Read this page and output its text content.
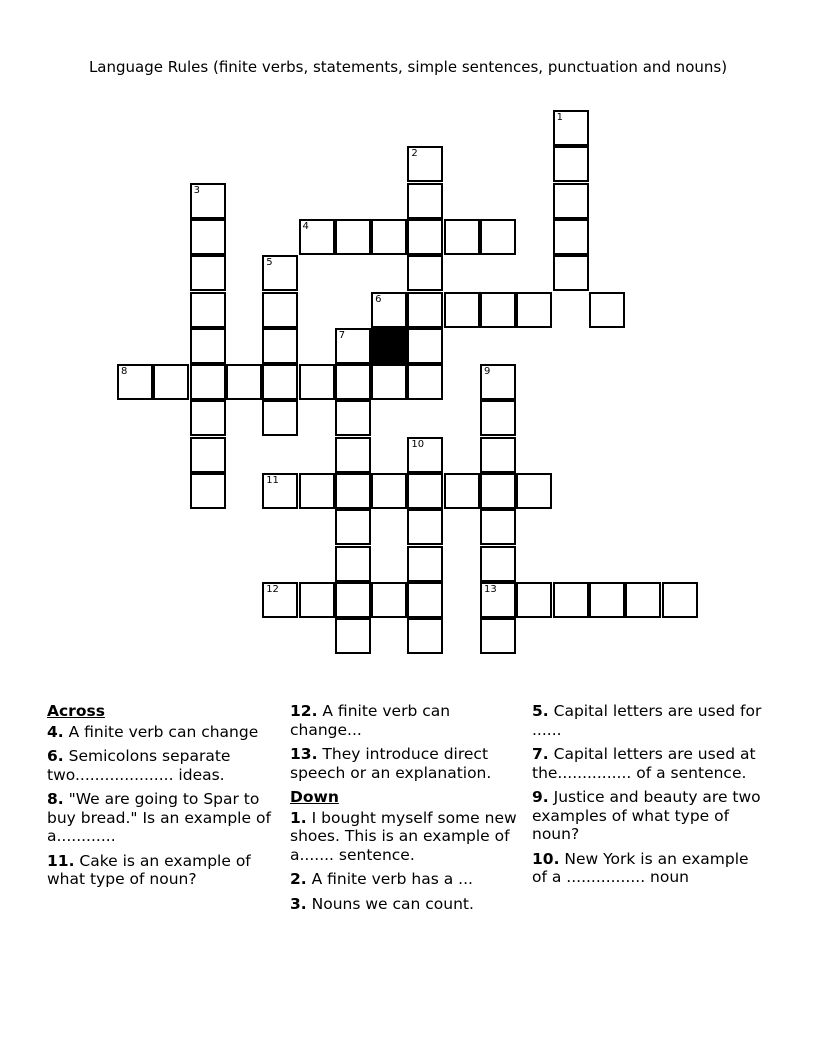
Language Rules (finite verbs, statements, simple sentences, punctuation and nouns)
1
2
3
4
5
6
7
8	9
10
11
12	13
Across
4. A finite verb can change
6. Semicolons separate two.................... ideas.
8. "We are going to Spar to buy bread." Is an example of a............
11. Cake is an example of what type of noun?
12. A finite verb can change...
13. They introduce direct speech or an explanation.
Down
1. I bought myself some new shoes. This is an example of a....... sentence.
2. A finite verb has a ...
3. Nouns we can count.
5. Capital letters are used for ......
7. Capital letters are used at the............... of a sentence.
9. Justice and beauty are two examples of what type of noun?
10. New York is an example of a ................ noun
